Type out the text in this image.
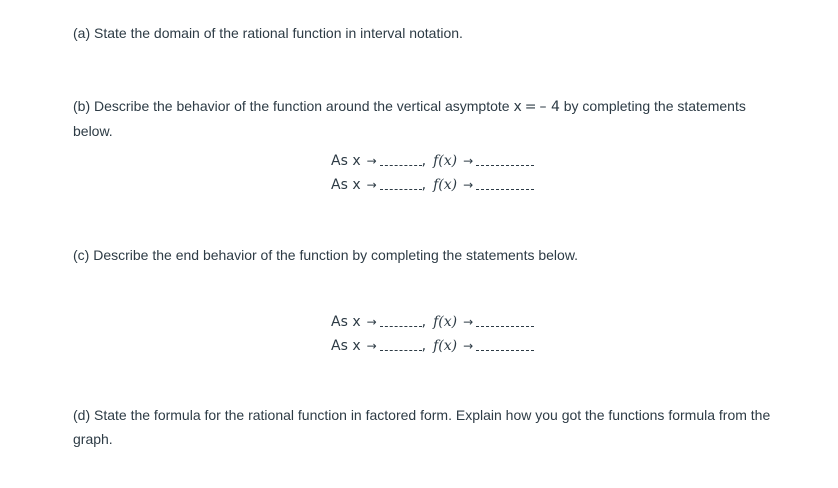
(a) State the domain of the rational function in interval notation.

(b) Describe the behavior of the function around the vertical asymptote x = – 4 by completing the statements below.

As x →	, f(x) →
As x →	, f(x) →

(c) Describe the end behavior of the function by completing the statements below.

As x →	, f(x) →
As x →	, f(x) →

(d) State the formula for the rational function in factored form. Explain how you got the functions formula from the graph.
